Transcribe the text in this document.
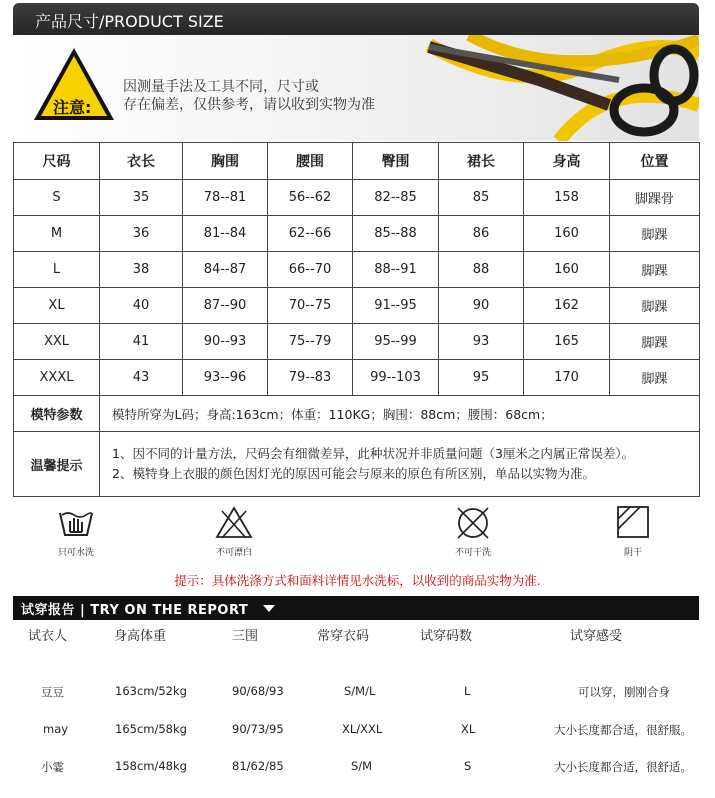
产品尺寸/PRODUCT SIZE
注意:
因测量手法及工具不同，尺寸或
存在偏差，仅供参考，请以收到实物为准
尺码	衣长	胸围	腰围	臀围	裙长	身高	位置
S	35	78--81	56--62	82--85	85	158	脚踝骨
M	36	81--84	62--66	85--88	86	160	脚踝
L	38	84--87	66--70	88--91	88	160	脚踝
XL	40	87--90	70--75	91--95	90	162	脚踝
XXL	41	90--93	75--79	95--99	93	165	脚踝
XXXL	43	93--96	79--83	99--103	95	170	脚踝
模特参数	模特所穿为L码；身高:163cm；体重：110KG；胸围：88cm；腰围：68cm；						
温馨提示	1、因不同的计量方法，尺码会有细微差异，此种状况并非质量问题（3厘米之内属正常误差）。
2、模特身上衣服的颜色因灯光的原因可能会与原来的原色有所区别，单品以实物为准。						
只可水洗	不可漂白	不可干洗	阴干
提示：具体洗涤方式和面料详情见水洗标，以收到的商品实物为准.
试穿报告 | TRY ON THE REPORT
试衣人	身高体重	三围	常穿衣码	试穿码数	试穿感受
豆豆	163cm/52kg	90/68/93	S/M/L	L	可以穿，刚刚合身
may	165cm/58kg	90/73/95	XL/XXL	XL	大小长度都合适，很舒服。
小霎	158cm/48kg	81/62/85	S/M	S	大小长度都合适，很舒适。
